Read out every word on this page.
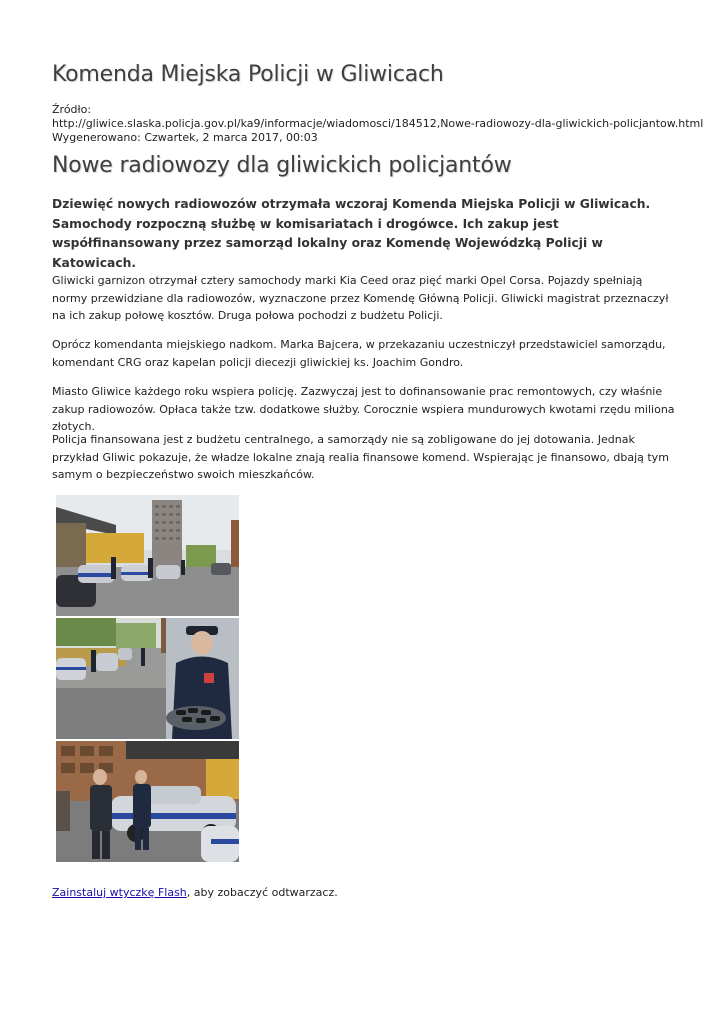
Komenda Miejska Policji w Gliwicach
Źródło:
http://gliwice.slaska.policja.gov.pl/ka9/informacje/wiadomosci/184512,Nowe-radiowozy-dla-gliwickich-policjantow.html
Wygenerowano: Czwartek, 2 marca 2017, 00:03
Nowe radiowozy dla gliwickich policjantów

Dziewięć nowych radiowozów otrzymała wczoraj Komenda Miejska Policji w Gliwicach. Samochody rozpoczną służbę w komisariatach i drogówce. Ich zakup jest współfinansowany przez samorząd lokalny oraz Komendę Wojewódzką Policji w Katowicach.

Gliwicki garnizon otrzymał cztery samochody marki Kia Ceed oraz pięć marki Opel Corsa. Pojazdy spełniają normy przewidziane dla radiowozów, wyznaczone przez Komendę Główną Policji. Gliwicki magistrat przeznaczył na ich zakup połowę kosztów. Druga połowa pochodzi z budżetu Policji.

Oprócz komendanta miejskiego nadkom. Marka Bajcera, w przekazaniu uczestniczył przedstawiciel samorządu, komendant CRG oraz kapelan policji diecezji gliwickiej ks. Joachim Gondro.

Miasto Gliwice każdego roku wspiera policję. Zazwyczaj jest to dofinansowanie prac remontowych, czy właśnie zakup radiowozów. Opłaca także tzw. dodatkowe służby. Corocznie wspiera mundurowych kwotami rzędu miliona złotych.

Policja finansowana jest z budżetu centralnego, a samorządy nie są zobligowane do jej dotowania. Jednak przykład Gliwic pokazuje, że władze lokalne znają realia finansowe komend. Wspierając je finansowo, dbają tym samym o bezpieczeństwo swoich mieszkańców.

Zainstaluj wtyczkę Flash, aby zobaczyć odtwarzacz.
